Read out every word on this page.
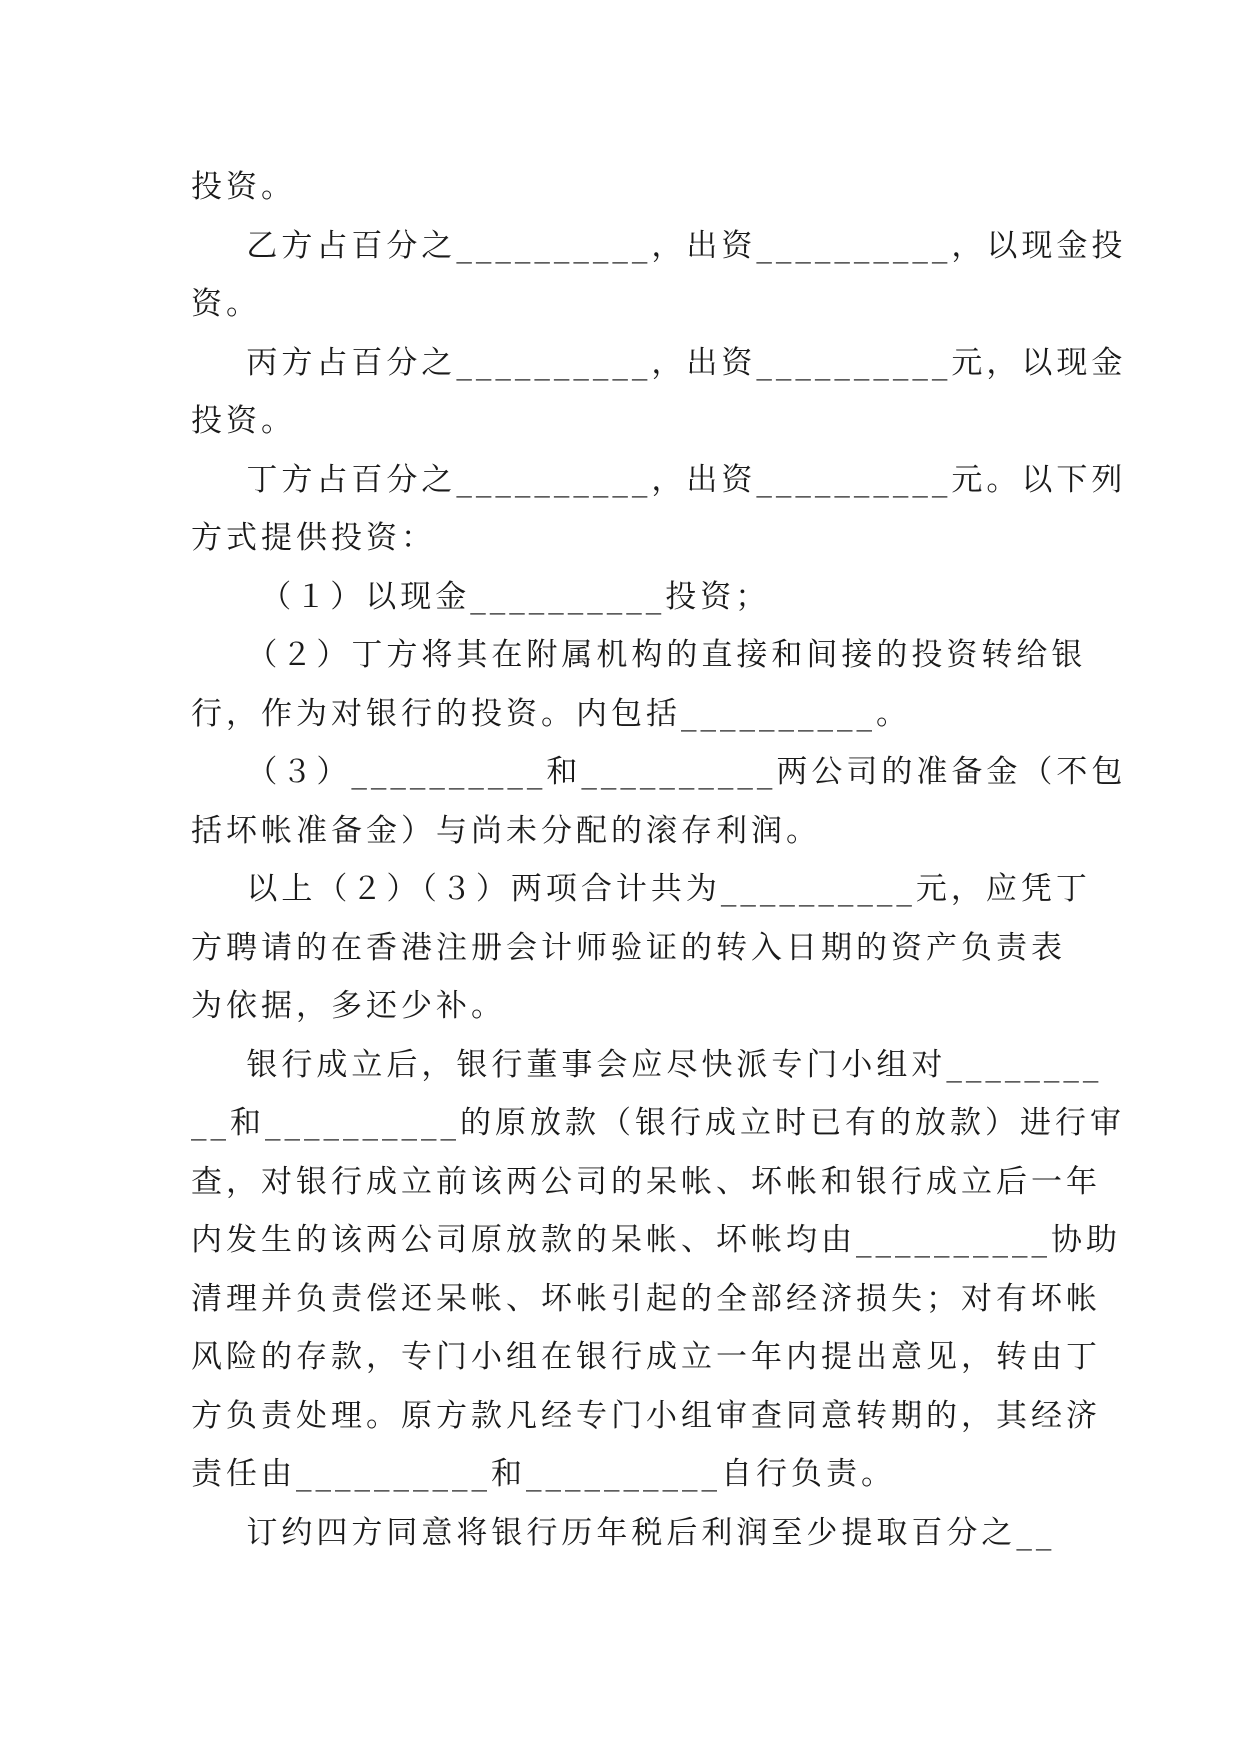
投资。
乙方占百分之__________，出资__________，以现金投
资。
丙方占百分之__________，出资__________元，以现金
投资。
丁方占百分之__________，出资__________元。以下列
方式提供投资：
（１）以现金__________投资；
（２）丁方将其在附属机构的直接和间接的投资转给银
行，作为对银行的投资。内包括__________。
（３）__________和__________两公司的准备金（不包
括坏帐准备金）与尚未分配的滚存利润。
以上（２）（３）两项合计共为__________元，应凭丁
方聘请的在香港注册会计师验证的转入日期的资产负责表
为依据，多还少补。
银行成立后，银行董事会应尽快派专门小组对________
__和__________的原放款（银行成立时已有的放款）进行审
查，对银行成立前该两公司的呆帐、坏帐和银行成立后一年
内发生的该两公司原放款的呆帐、坏帐均由__________协助
清理并负责偿还呆帐、坏帐引起的全部经济损失；对有坏帐
风险的存款，专门小组在银行成立一年内提出意见，转由丁
方负责处理。原方款凡经专门小组审查同意转期的，其经济
责任由__________和__________自行负责。
订约四方同意将银行历年税后利润至少提取百分之__
